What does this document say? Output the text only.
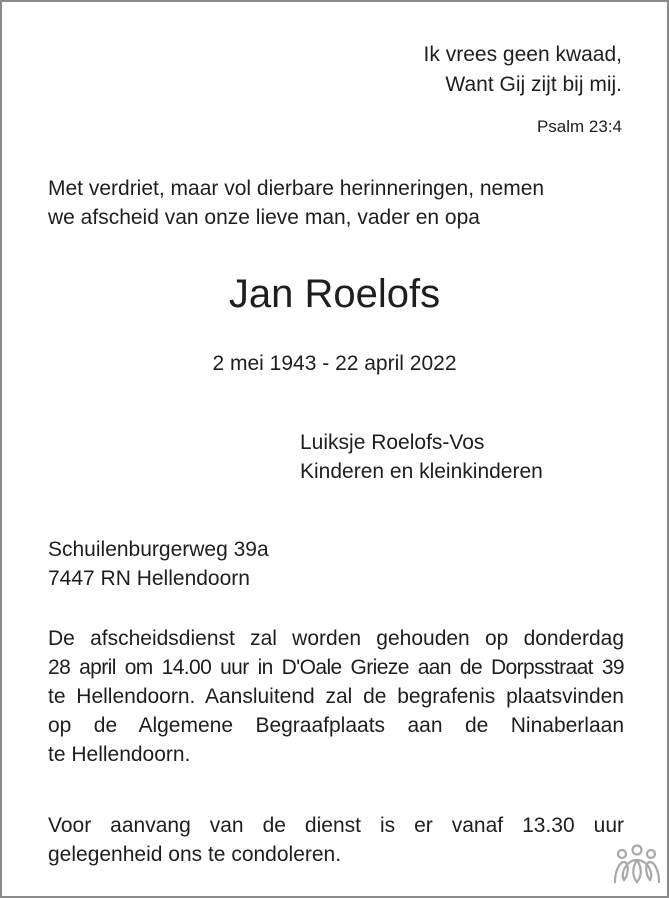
Ik vrees geen kwaad,
Want Gij zijt bij mij.
Psalm 23:4
Met verdriet, maar vol dierbare herinneringen, nemen
we afscheid van onze lieve man, vader en opa
Jan Roelofs
2 mei 1943 - 22 april 2022
Luiksje Roelofs-Vos
Kinderen en kleinkinderen
Schuilenburgerweg 39a
7447 RN Hellendoorn
De afscheidsdienst zal worden gehouden op donderdag
28 april om 14.00 uur in D'Oale Grieze aan de Dorpsstraat 39
te Hellendoorn. Aansluitend zal de begrafenis plaatsvinden
op de Algemene Begraafplaats aan de Ninaberlaan
te Hellendoorn.
Voor aanvang van de dienst is er vanaf 13.30 uur
gelegenheid ons te condoleren.
